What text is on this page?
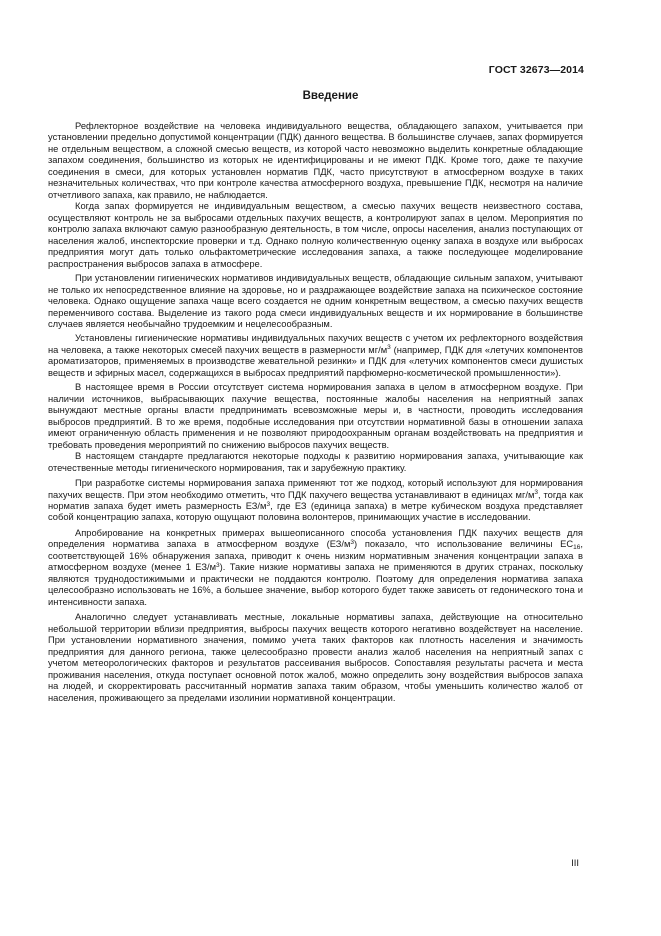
ГОСТ 32673—2014
Введение

Рефлекторное воздействие на человека индивидуального вещества, обладающего запахом, учитывается при установлении предельно допустимой концентрации (ПДК) данного вещества. В большинстве случаев, запах формируется не отдельным веществом, а сложной смесью веществ, из которой часто невозможно выделить конкретные обладающие запахом соединения, большинство из которых не идентифицированы и не имеют ПДК. Кроме того, даже те пахучие соединения в смеси, для которых установлен норматив ПДК, часто присутствуют в атмосферном воздухе в таких незначительных количествах, что при контроле качества атмосферного воздуха, превышение ПДК, несмотря на наличие отчетливого запаха, как правило, не наблюдается.

Когда запах формируется не индивидуальным веществом, а смесью пахучих веществ неизвестного состава, осуществляют контроль не за выбросами отдельных пахучих веществ, а контролируют запах в целом. Мероприятия по контролю запаха включают самую разнообразную деятельность, в том числе, опросы населения, анализ поступающих от населения жалоб, инспекторские проверки и т.д. Однако полную количественную оценку запаха в воздухе или выбросах предприятия могут дать только ольфактометрические исследования запаха, а также последующее моделирование распространения выбросов запаха в атмосфере.

При установлении гигиенических нормативов индивидуальных веществ, обладающие сильным запахом, учитывают не только их непосредственное влияние на здоровье, но и раздражающее воздействие запаха на психическое состояние человека. Однако ощущение запаха чаще всего создается не одним конкретным веществом, а смесью пахучих веществ переменчивого состава. Выделение из такого рода смеси индивидуальных веществ и их нормирование в большинстве случаев является необычайно трудоемким и нецелесообразным.

Установлены гигиенические нормативы индивидуальных пахучих веществ с учетом их рефлекторного воздействия на человека, а также некоторых смесей пахучих веществ в размерности $мг/м^3$ (например, ПДК для «летучих компонентов ароматизаторов, применяемых в производстве жевательной резинки» и ПДК для «летучих компонентов смеси душистых веществ и эфирных масел, содержащихся в выбросах предприятий парфюмерно-косметической промышленности»).

В настоящее время в России отсутствует система нормирования запаха в целом в атмосферном воздухе. При наличии источников, выбрасывающих пахучие вещества, постоянные жалобы населения на неприятный запах вынуждают местные органы власти предпринимать всевозможные меры и, в частности, проводить исследования выбросов предприятий. В то же время, подобные исследования при отсутствии нормативной базы в отношении запаха имеют ограниченную область применения и не позволяют природоохранным органам воздействовать на предприятия и требовать проведения мероприятий по снижению выбросов пахучих веществ.

В настоящем стандарте предлагаются некоторые подходы к развитию нормирования запаха, учитывающие как отечественные методы гигиенического нормирования, так и зарубежную практику.

При разработке системы нормирования запаха применяют тот же подход, который используют для нормирования пахучих веществ. При этом необходимо отметить, что ПДК пахучего вещества устанавливают в единицах $мг/м^3$, тогда как норматив запаха будет иметь размерность $ЕЗ/м^3$, где ЕЗ (единица запаха) в метре кубическом воздуха представляет собой концентрацию запаха, которую ощущают половина волонтеров, принимающих участие в исследовании.

Апробирование на конкретных примерах вышеописанного способа установления ПДК пахучих веществ для определения норматива запаха в атмосферном воздухе $(ЕЗ/м^3)$ показало, что использование величины $ЕС_{16}$, соответствующей 16% обнаружения запаха, приводит к очень низким нормативным значения концентрации запаха в атмосферном воздухе (менее 1 $ЕЗ/м^3$). Такие низкие нормативы запаха не применяются в других странах, поскольку являются труднодостижимыми и практически не поддаются контролю. Поэтому для определения норматива запаха целесообразно использовать не 16%, а большее значение, выбор которого будет также зависеть от гедонического тона и интенсивности запаха.

Аналогично следует устанавливать местные, локальные нормативы запаха, действующие на относительно небольшой территории вблизи предприятия, выбросы пахучих веществ которого негативно воздействует на население. При установлении нормативного значения, помимо учета таких факторов как плотность населения и значимость предприятия для данного региона, также целесообразно провести анализ жалоб населения на неприятный запах с учетом метеорологических факторов и результатов рассеивания выбросов. Сопоставляя результаты расчета и места проживания населения, откуда поступает основной поток жалоб, можно определить зону воздействия выбросов запаха на людей, и скорректировать рассчитанный норматив запаха таким образом, чтобы уменьшить количество жалоб от населения, проживающего за пределами изолинии нормативной концентрации.

III
